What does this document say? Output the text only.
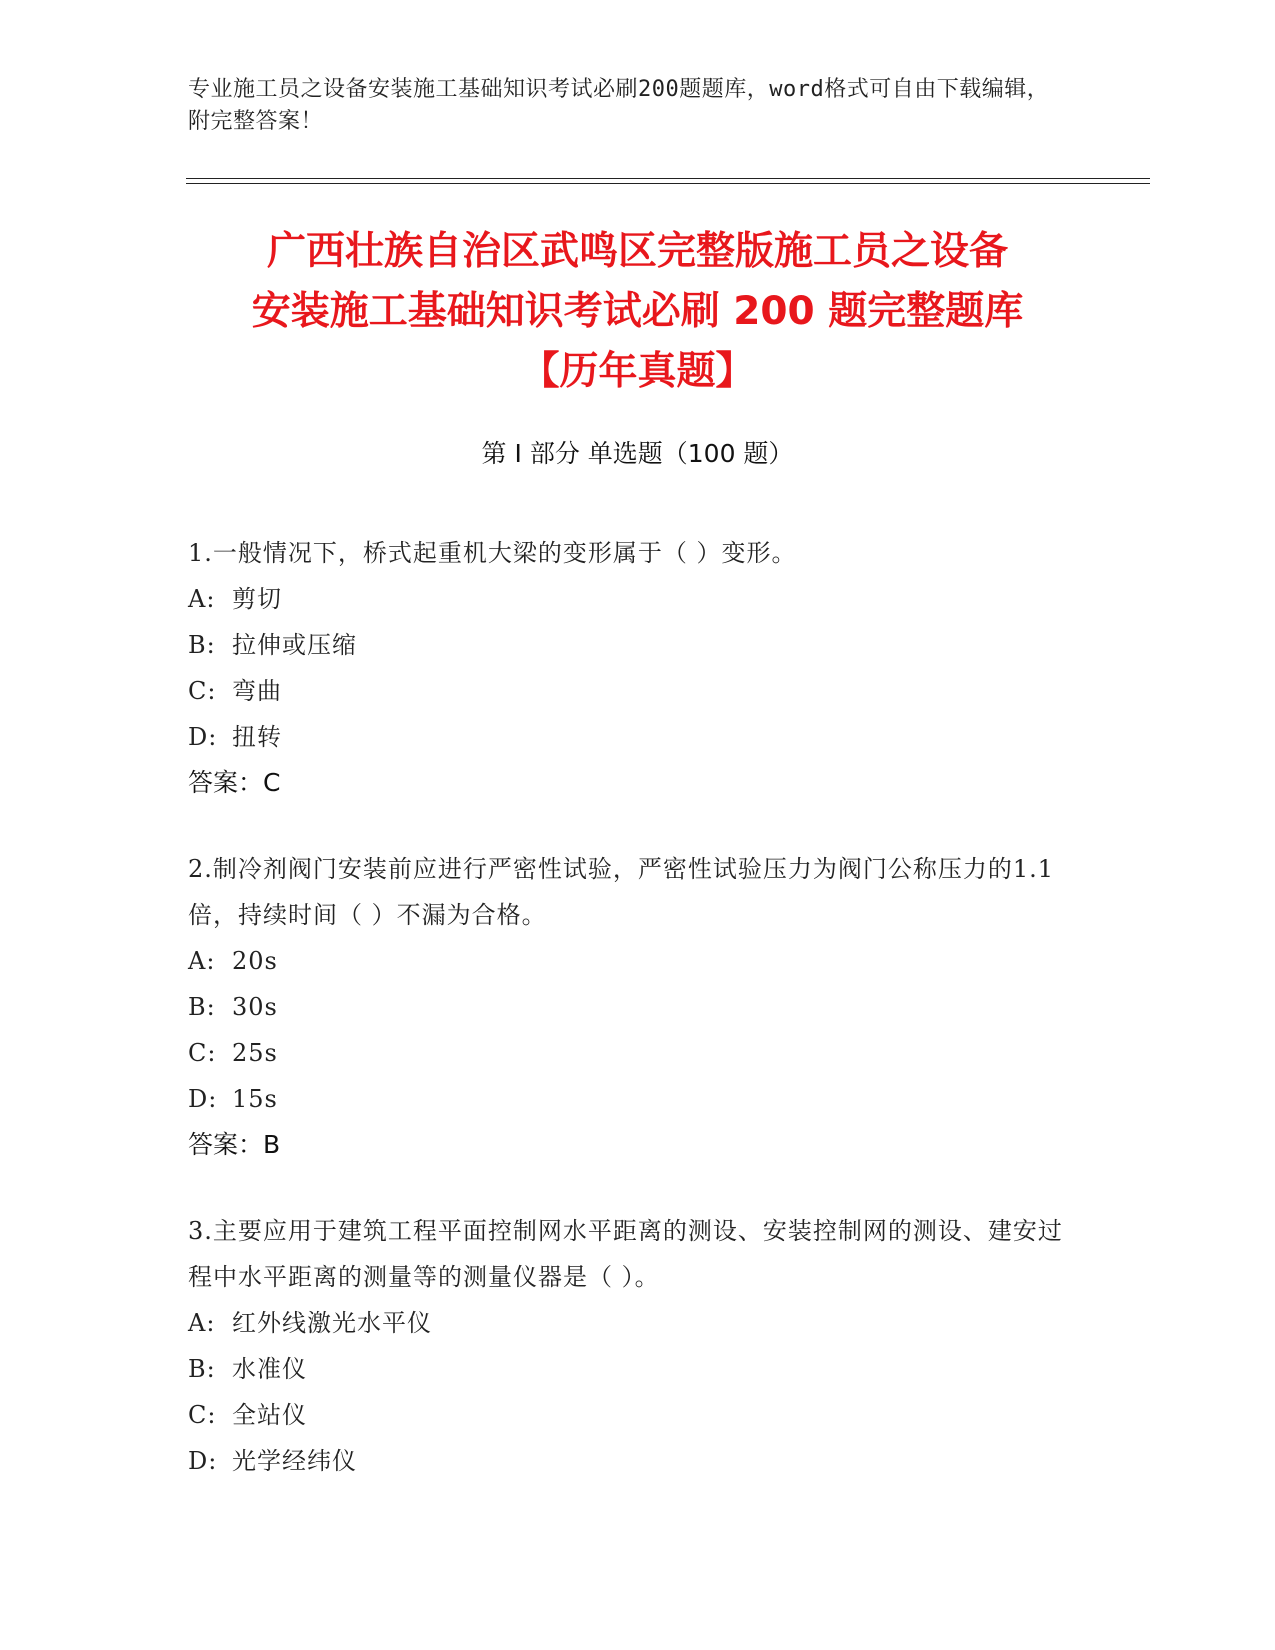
专业施工员之设备安装施工基础知识考试必刷200题题库，word格式可自由下载编辑，附完整答案！
广西壮族自治区武鸣区完整版施工员之设备
安装施工基础知识考试必刷 200 题完整题库
【历年真题】
第 I 部分 单选题（100 题）
1.一般情况下，桥式起重机大梁的变形属于（ ）变形。
A: 剪切
B: 拉伸或压缩
C: 弯曲
D: 扭转
答案：C
2.制冷剂阀门安装前应进行严密性试验，严密性试验压力为阀门公称压力的1.1倍，持续时间（ ）不漏为合格。
A: 20s
B: 30s
C: 25s
D: 15s
答案：B
3.主要应用于建筑工程平面控制网水平距离的测设、安装控制网的测设、建安过程中水平距离的测量等的测量仪器是（ ）。
A: 红外线激光水平仪
B: 水准仪
C: 全站仪
D: 光学经纬仪
